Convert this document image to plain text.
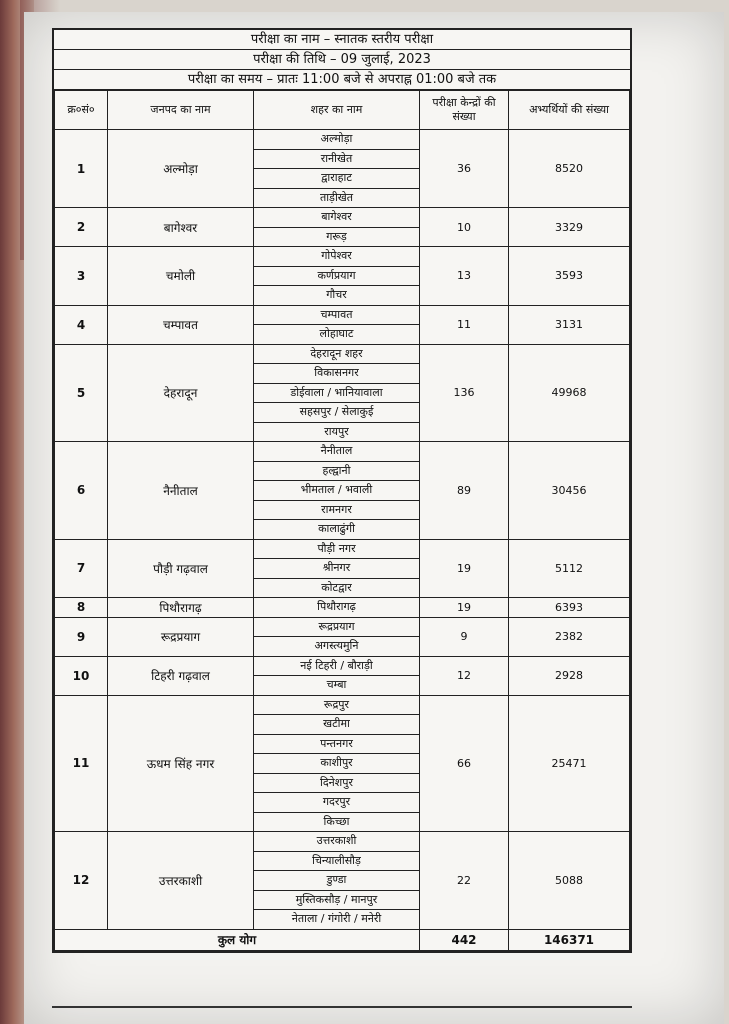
परीक्षा का नाम – स्नातक स्तरीय परीक्षा
परीक्षा की तिथि – 09 जुलाई, 2023
परीक्षा का समय – प्रातः 11:00 बजे से अपराह्न 01:00 बजे तक
क्र०सं०	जनपद का नाम	शहर का नाम	परीक्षा केन्द्रों की संख्या	अभ्यर्थियों की संख्या
1	अल्मोड़ा	अल्मोड़ा	36	8520
		रानीखेत		
		द्वाराहाट		
		ताड़ीखेत		
2	बागेश्वर	बागेश्वर	10	3329
		गरूड़		
3	चमोली	गोपेश्वर	13	3593
		कर्णप्रयाग		
		गौचर		
4	चम्पावत	चम्पावत	11	3131
		लोहाघाट		
5	देहरादून	देहरादून शहर	136	49968
		विकासनगर		
		डोईवाला / भानियावाला		
		सहसपुर / सेलाकुई		
		रायपुर		
6	नैनीताल	नैनीताल	89	30456
		हल्द्वानी		
		भीमताल / भवाली		
		रामनगर		
		कालाढुंगी		
7	पौड़ी गढ़वाल	पौड़ी नगर	19	5112
		श्रीनगर		
		कोटद्वार		
8	पिथौरागढ़	पिथौरागढ़	19	6393
9	रूद्रप्रयाग	रूद्रप्रयाग	9	2382
		अगस्त्यमुनि		
10	टिहरी गढ़वाल	नई टिहरी / बौराड़ी	12	2928
		चम्बा		
11	ऊधम सिंह नगर	रूद्रपुर	66	25471
		खटीमा		
		पन्तनगर		
		काशीपुर		
		दिनेशपुर		
		गदरपुर		
		किच्छा		
12	उत्तरकाशी	उत्तरकाशी	22	5088
		चिन्यालीसौड़		
		डुण्डा		
		मुस्तिकसौड़ / मानपुर		
		नेताला / गंगोरी / मनेरी		
कुल योग			442	146371
